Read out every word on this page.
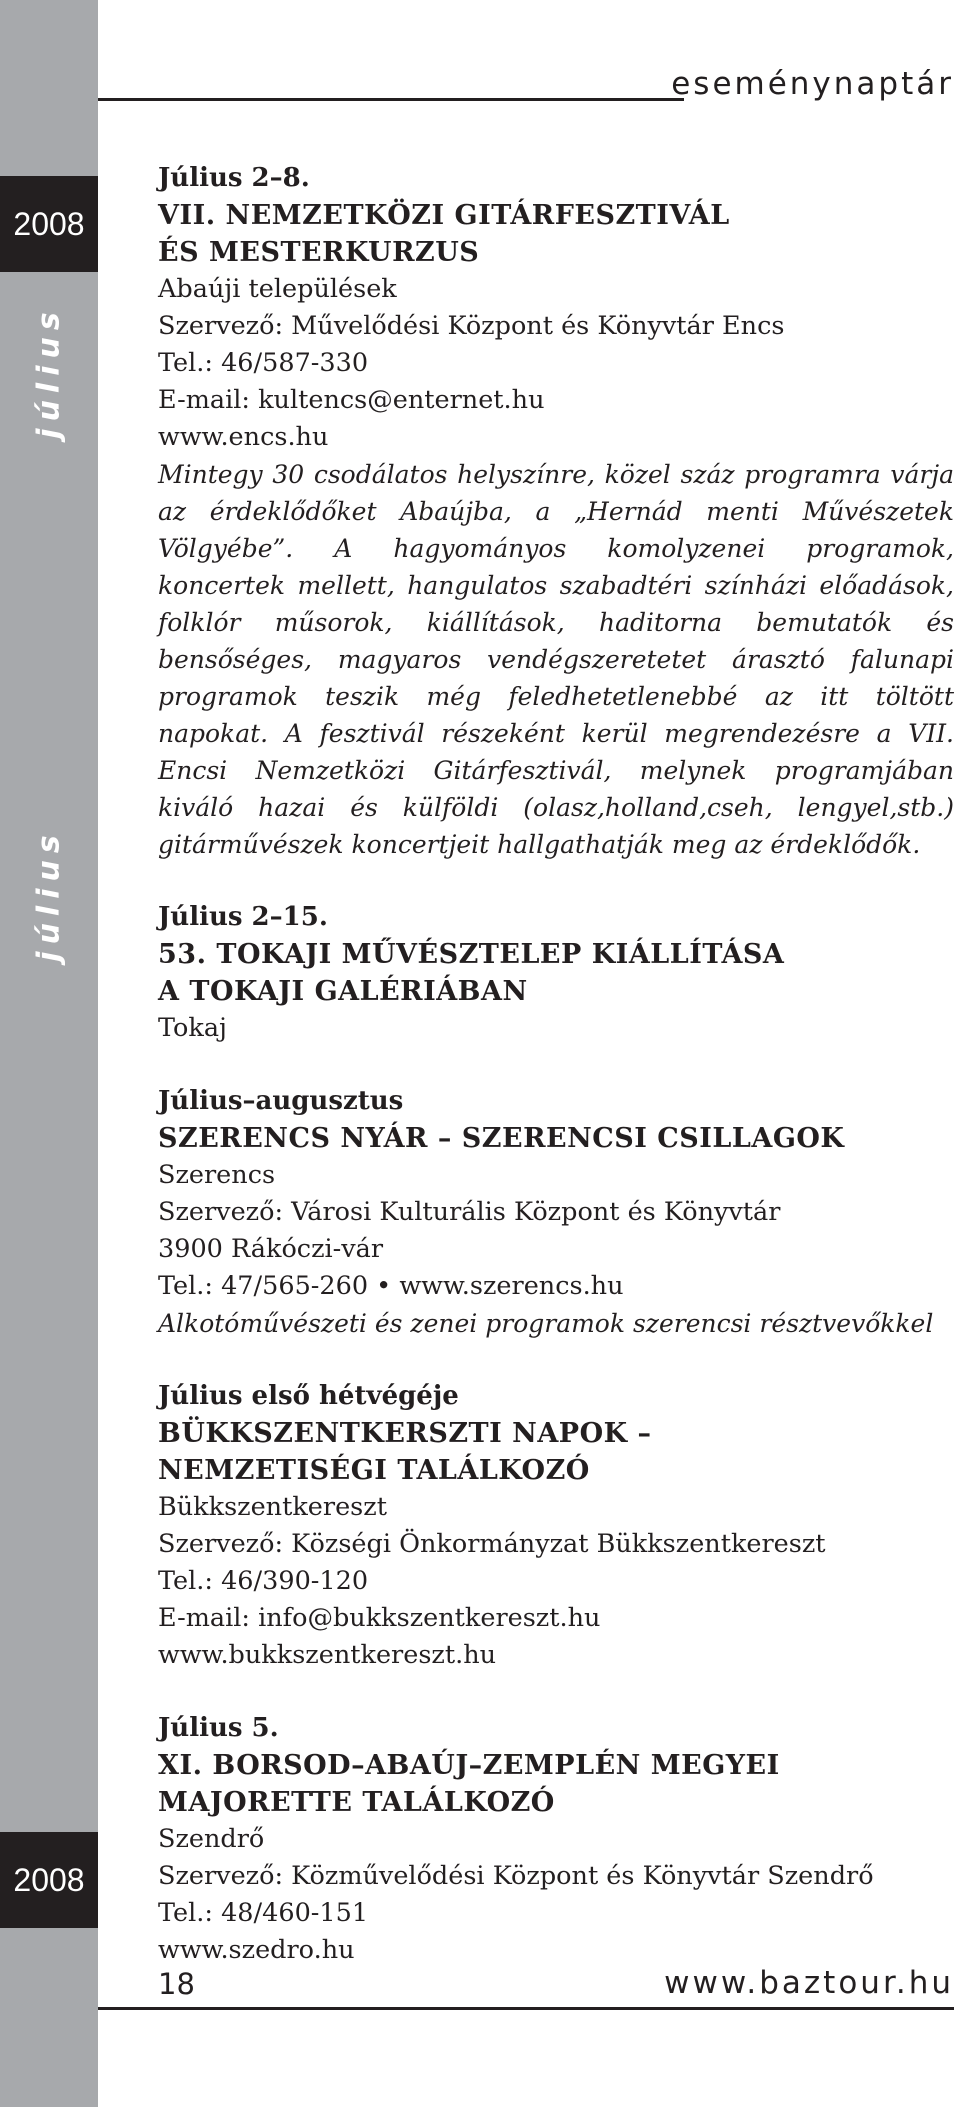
2008
július
július
2008
eseménynaptár
Július 2–8.
VII. NEMZETKÖZI GITÁRFESZTIVÁL
ÉS MESTERKURZUS
Abaúji települések
Szervező: Művelődési Központ és Könyvtár Encs
Tel.: 46/587-330
E-mail: kultencs@enternet.hu
www.encs.hu
Mintegy 30 csodálatos helyszínre, közel száz programra várja az érdeklődőket Abaújba, a „Hernád menti Művészetek Völgyébe”. A hagyományos komolyzenei programok, koncertek mellett, hangulatos szabadtéri színházi előadások, folklór műsorok, kiállítások, haditorna bemutatók és bensőséges, magyaros vendégszeretetet árasztó falunapi programok teszik még feledhetetlenebbé az itt töltött napokat. A fesztivál részeként kerül megrendezésre a VII. Encsi Nemzetközi Gitárfesztivál, melynek programjában kiváló hazai és külföldi (olasz,holland,cseh, lengyel,stb.) gitárművészek koncertjeit hallgathatják meg az érdeklődők.
Július 2–15.
53. TOKAJI MŰVÉSZTELEP KIÁLLÍTÁSA
A TOKAJI GALÉRIÁBAN
Tokaj
Július–augusztus
SZERENCS NYÁR – SZERENCSI CSILLAGOK
Szerencs
Szervező: Városi Kulturális Központ és Könyvtár
3900 Rákóczi-vár
Tel.: 47/565-260 • www.szerencs.hu
Alkotóművészeti és zenei programok szerencsi résztvevőkkel
Július első hétvégéje
BÜKKSZENTKERSZTI NAPOK –
NEMZETISÉGI TALÁLKOZÓ
Bükkszentkereszt
Szervező: Községi Önkormányzat Bükkszentkereszt
Tel.: 46/390-120
E-mail: info@bukkszentkereszt.hu
www.bukkszentkereszt.hu
Július 5.
XI. BORSOD–ABAÚJ–ZEMPLÉN MEGYEI
MAJORETTE TALÁLKOZÓ
Szendrő
Szervező: Közművelődési Központ és Könyvtár Szendrő
Tel.: 48/460-151
www.szedro.hu
18	www.baztour.hu
